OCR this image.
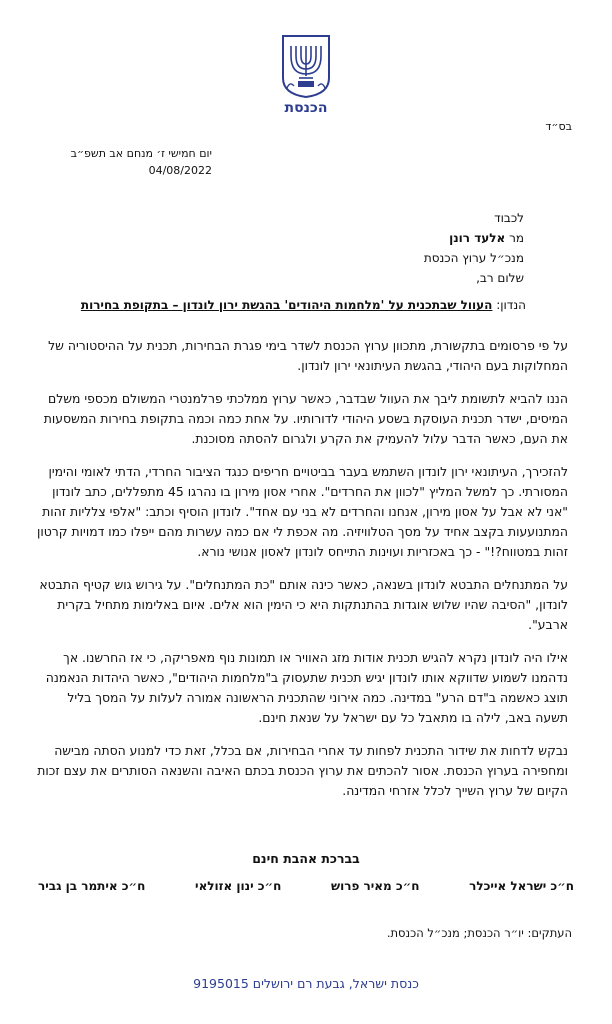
הכנסת
בס״ד
יום חמישי ז׳ מנחם אב תשפ״ב
04/08/2022
לכבוד
מר אלעד רונן
מנכ״ל ערוץ הכנסת
שלום רב,
הנדון: העוול שבתכנית על 'מלחמות היהודים' בהגשת ירון לונדון – בתקופת בחירות

על פי פרסומים בתקשורת, מתכוון ערוץ הכנסת לשדר בימי פגרת הבחירות, תכנית על ההיסטוריה של המחלוקות בעם היהודי, בהגשת העיתונאי ירון לונדון.

הננו להביא לתשומת ליבך את העוול שבדבר, כאשר ערוץ ממלכתי פרלמנטרי המשולם מכספי משלם המיסים, ישדר תכנית העוסקת בשסע היהודי לדורותיו. על אחת כמה וכמה בתקופת בחירות המשסעות את העם, כאשר הדבר עלול להעמיק את הקרע ולגרום להסתה מסוכנת.

להזכירך, העיתונאי ירון לונדון השתמש בעבר בביטויים חריפים כנגד הציבור החרדי, הדתי לאומי והימין המסורתי. כך למשל המליץ "לכוון את החרדים". אחרי אסון מירון בו נהרגו 45 מתפללים, כתב לונדון "אני לא אבל על אסון מירון, אנחנו והחרדים לא בני עם אחד". לונדון הוסיף וכתב: "אלפי צלליות זהות המתנועעות בקצב אחיד על מסך הטלוויזיה. מה אכפת לי אם כמה עשרות מהם ייפלו כמו דמויות קרטון זהות במטווח?!" - כך באכזריות ועוינות התייחס לונדון לאסון אנושי נורא.

על המתנחלים התבטא לונדון בשנאה, כאשר כינה אותם "כת המתנחלים". על גירוש גוש קטיף התבטא לונדון, "הסיבה שהיו שלוש אוגדות בהתנתקות היא כי הימין הוא אלים. איום באלימות מתחיל בקרית ארבע".

אילו היה לונדון נקרא להגיש תכנית אודות מזג האוויר או תמונות נוף מאפריקה, כי אז החרשנו. אך נדהמנו לשמוע שדווקא אותו לונדון יגיש תכנית שתעסוק ב"מלחמות היהודים", כאשר היהדות הנאמנה תוצג כאשמה ב"דם הרע" במדינה. כמה אירוני שהתכנית הראשונה אמורה לעלות על המסך בליל תשעה באב, לילה בו מתאבל כל עם ישראל על שנאת חינם.

נבקש לדחות את שידור התכנית לפחות עד אחרי הבחירות, אם בכלל, זאת כדי למנוע הסתה מבישה ומחפירה בערוץ הכנסת. אסור להכתים את ערוץ הכנסת בכתם האיבה והשנאה הסותרים את עצם זכות הקיום של ערוץ השייך לכלל אזרחי המדינה.

בברכת אהבת חינם
ח״כ ישראל אייכלר
ח״כ מאיר פרוש
ח״כ ינון אזולאי
ח״כ איתמר בן גביר
העתקים: יו״ר הכנסת; מנכ״ל הכנסת.
כנסת ישראל, גבעת רם ירושלים 9195015
